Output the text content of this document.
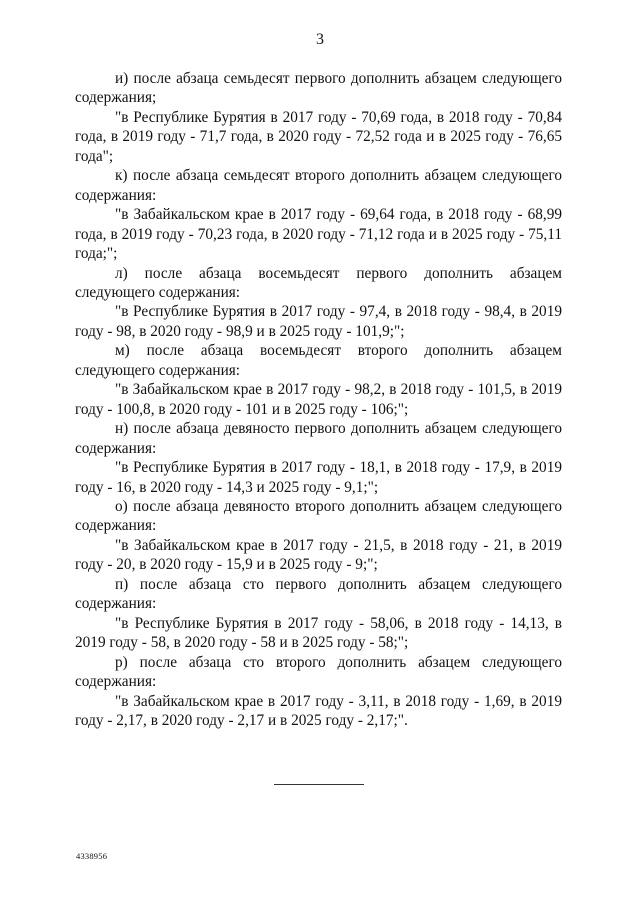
3

и) после абзаца семьдесят первого дополнить абзацем следующего содержания;

"в Республике Бурятия в 2017 году - 70,69 года, в 2018 году - 70,84 года, в 2019 году - 71,7 года, в 2020 году - 72,52 года и в 2025 году - 76,65 года";

к) после абзаца семьдесят второго дополнить абзацем следующего содержания:

"в Забайкальском крае в 2017 году - 69,64 года, в 2018 году - 68,99 года, в 2019 году - 70,23 года, в 2020 году - 71,12 года и в 2025 году - 75,11 года;";

л) после абзаца восемьдесят первого дополнить абзацем следующего содержания:

"в Республике Бурятия в 2017 году - 97,4, в 2018 году - 98,4, в 2019 году - 98, в 2020 году - 98,9 и в 2025 году - 101,9;";

м) после абзаца восемьдесят второго дополнить абзацем следующего содержания:

"в Забайкальском крае в 2017 году - 98,2, в 2018 году - 101,5, в 2019 году - 100,8, в 2020 году - 101 и в 2025 году - 106;";

н) после абзаца девяносто первого дополнить абзацем следующего содержания:

"в Республике Бурятия в 2017 году - 18,1, в 2018 году - 17,9, в 2019 году - 16, в 2020 году - 14,3 и 2025 году - 9,1;";

о) после абзаца девяносто второго дополнить абзацем следующего содержания:

"в Забайкальском крае в 2017 году - 21,5, в 2018 году - 21, в 2019 году - 20, в 2020 году - 15,9 и в 2025 году - 9;";

п) после абзаца сто первого дополнить абзацем следующего содержания:

"в Республике Бурятия в 2017 году - 58,06, в 2018 году - 14,13, в 2019 году - 58, в 2020 году - 58 и в 2025 году - 58;";

р) после абзаца сто второго дополнить абзацем следующего содержания:

"в Забайкальском крае в 2017 году - 3,11, в 2018 году - 1,69, в 2019 году - 2,17, в 2020 году - 2,17 и в 2025 году - 2,17;".

4338956
